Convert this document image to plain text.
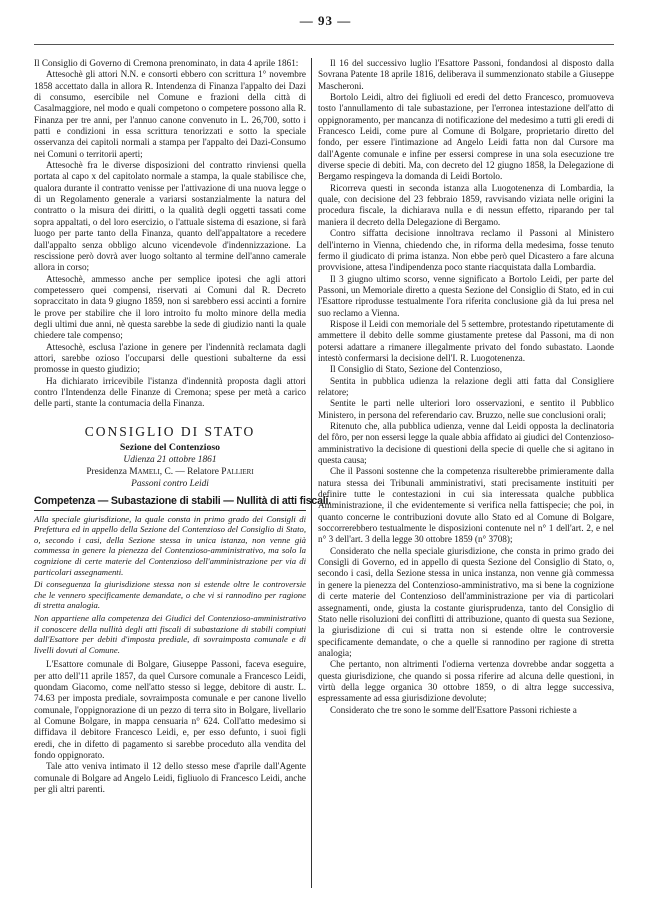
— 93 —

Il Consiglio di Governo di Cremona prenominato, in data 4 aprile 1861:

Attesochè gli attori N.N. e consorti ebbero con scrittura 1° novembre 1858 accettato dalla in allora R. Intendenza di Finanza l'appalto dei Dazi di consumo, esercibile nel Comune e frazioni della città di Casalmaggiore, nel modo e quali competono o competere possono alla R. Finanza per tre anni, per l'annuo canone convenuto in L. 26,700, sotto i patti e condizioni in essa scrittura tenorizzati e sotto la speciale osservanza dei capitoli normali a stampa per l'appalto dei Dazi-Consumo nei Comuni o territorii aperti;

Attesochè fra le diverse disposizioni del contratto rinviensi quella portata al capo x del capitolato normale a stampa, la quale stabilisce che, qualora durante il contratto venisse per l'attivazione di una nuova legge o di un Regolamento generale a variarsi sostanzialmente la natura del contratto o la misura dei diritti, o la qualità degli oggetti tassati come sopra appaltati, o del loro esercizio, o l'attuale sistema di esazione, si farà luogo per parte tanto della Finanza, quanto dell'appaltatore a recedere dall'appalto senza obbligo alcuno vicendevole d'indennizzazione. La rescissione però dovrà aver luogo soltanto al termine dell'anno camerale allora in corso;

Attesochè, ammesso anche per semplice ipotesi che agli attori competessero quei compensi, riservati ai Comuni dal R. Decreto sopraccitato in data 9 giugno 1859, non si sarebbero essi accinti a fornire le prove per stabilire che il loro introito fu molto minore della media degli ultimi due anni, nè questa sarebbe la sede di giudizio nanti la quale chiedere tale compenso;

Attesochè, esclusa l'azione in genere per l'indennità reclamata dagli attori, sarebbe ozioso l'occuparsi delle questioni subalterne da essi promosse in questo giudizio;

Ha dichiarato irricevibile l'istanza d'indennità proposta dagli attori contro l'Intendenza delle Finanze di Cremona; spese per metà a carico delle parti, stante la contumacia della Finanza.

CONSIGLIO DI STATO
Sezione del Contenzioso
Udienza 21 ottobre 1861
Presidenza Mameli, C. — Relatore Pallieri
Passoni contro Leidi
Competenza — Subastazione di stabili — Nullità di atti fiscali.

Alla speciale giurisdizione, la quale consta in primo grado dei Consigli di Prefettura ed in appello della Sezione del Contenzioso del Consiglio di Stato, o, secondo i casi, della Sezione stessa in unica istanza, non venne già commessa in genere la pienezza del Contenzioso-amministrativo, ma solo la cognizione di certe materie del Contenzioso dell'amministrazione per via di particolari assegnamenti.

Di conseguenza la giurisdizione stessa non si estende oltre le controversie che le vennero specificamente demandate, o che vi si rannodino per ragione di stretta analogia.

Non appartiene alla competenza dei Giudici del Contenzioso-amministrativo il conoscere della nullità degli atti fiscali di subastazione di stabili compiuti dall'Esattore per debiti d'imposta prediale, di sovraimposta comunale e di livelli dovuti al Comune.

L'Esattore comunale di Bolgare, Giuseppe Passoni, faceva eseguire, per atto dell'11 aprile 1857, da quel Cursore comunale a Francesco Leidi, quondam Giacomo, come nell'atto stesso si legge, debitore di austr. L. 74.63 per imposta prediale, sovraimposta comunale e per canone livello comunale, l'oppignorazione di un pezzo di terra sito in Bolgare, livellario al Comune Bolgare, in mappa censuaria n° 624. Coll'atto medesimo si diffidava il debitore Francesco Leidi, e, per esso defunto, i suoi figli eredi, che in difetto di pagamento si sarebbe proceduto alla vendita del fondo oppignorato.

Tale atto veniva intimato il 12 dello stesso mese d'aprile dall'Agente comunale di Bolgare ad Angelo Leidi, figliuolo di Francesco Leidi, anche per gli altri parenti.

Il 16 del successivo luglio l'Esattore Passoni, fondandosi al disposto dalla Sovrana Patente 18 aprile 1816, deliberava il summenzionato stabile a Giuseppe Mascheroni.

Bortolo Leidi, altro dei figliuoli ed eredi del detto Francesco, promuoveva tosto l'annullamento di tale subastazione, per l'erronea intestazione dell'atto di oppignoramento, per mancanza di notificazione del medesimo a tutti gli eredi di Francesco Leidi, come pure al Comune di Bolgare, proprietario diretto del fondo, per essere l'intimazione ad Angelo Leidi fatta non dal Cursore ma dall'Agente comunale e infine per essersi comprese in una sola esecuzione tre diverse specie di debiti. Ma, con decreto del 12 giugno 1858, la Delegazione di Bergamo respingeva la domanda di Leidi Bortolo.

Ricorreva questi in seconda istanza alla Luogotenenza di Lombardia, la quale, con decisione del 23 febbraio 1859, ravvisando viziata nelle origini la procedura fiscale, la dichiarava nulla e di nessun effetto, riparando per tal maniera il decreto della Delegazione di Bergamo.

Contro siffatta decisione innoltrava reclamo il Passoni al Ministero dell'interno in Vienna, chiedendo che, in riforma della medesima, fosse tenuto fermo il giudicato di prima istanza. Non ebbe però quel Dicastero a fare alcuna provvisione, attesa l'indipendenza poco stante riacquistata dalla Lombardia.

Il 3 giugno ultimo scorso, venne significato a Bortolo Leidi, per parte del Passoni, un Memoriale diretto a questa Sezione del Consiglio di Stato, ed in cui l'Esattore riprodusse testualmente l'ora riferita conclusione già da lui presa nel suo reclamo a Vienna.

Rispose il Leidi con memoriale del 5 settembre, protestando ripetutamente di ammettere il debito delle somme giustamente pretese dal Passoni, ma di non potersi adattare a rimanere illegalmente privato del fondo subastato. Laonde intestò confermarsi la decisione dell'I. R. Luogotenenza.

Il Consiglio di Stato, Sezione del Contenzioso,

Sentita in pubblica udienza la relazione degli atti fatta dal Consigliere relatore;

Sentite le parti nelle ulteriori loro osservazioni, e sentito il Pubblico Ministero, in persona del referendario cav. Bruzzo, nelle sue conclusioni orali;

Ritenuto che, alla pubblica udienza, venne dal Leidi opposta la declinatoria del fôro, per non essersi legge la quale abbia affidato ai giudici del Contenzioso-amministrativo la decisione di questioni della specie di quelle che si agitano in questa causa;

Che il Passoni sostenne che la competenza risulterebbe primieramente dalla natura stessa dei Tribunali amministrativi, stati precisamente instituiti per definire tutte le contestazioni in cui sia interessata qualche pubblica Amministrazione, il che evidentemente si verifica nella fattispecie; che poi, in quanto concerne le contribuzioni dovute allo Stato ed al Comune di Bolgare, soccorrerebbero testualmente le disposizioni contenute nel n° 1 dell'art. 2, e nel n° 3 dell'art. 3 della legge 30 ottobre 1859 (n° 3708);

Considerato che nella speciale giurisdizione, che consta in primo grado dei Consigli di Governo, ed in appello di questa Sezione del Consiglio di Stato, o, secondo i casi, della Sezione stessa in unica instanza, non venne già commessa in genere la pienezza del Contenzioso-amministrativo, ma si bene la cognizione di certe materie del Contenzioso dell'amministrazione per via di particolari assegnamenti, onde, giusta la costante giurisprudenza, tanto del Consiglio di Stato nelle risoluzioni dei conflitti di attribuzione, quanto di questa sua Sezione, la giurisdizione di cui si tratta non si estende oltre le controversie specificamente demandate, o che a quelle si rannodino per ragione di stretta analogia;

Che pertanto, non altrimenti l'odierna vertenza dovrebbe andar soggetta a questa giurisdizione, che quando si possa riferire ad alcuna delle questioni, in virtù della legge organica 30 ottobre 1859, o di altra legge successiva, espressamente ad essa giurisdizione devolute;

Considerato che tre sono le somme dell'Esattore Passoni richieste a
